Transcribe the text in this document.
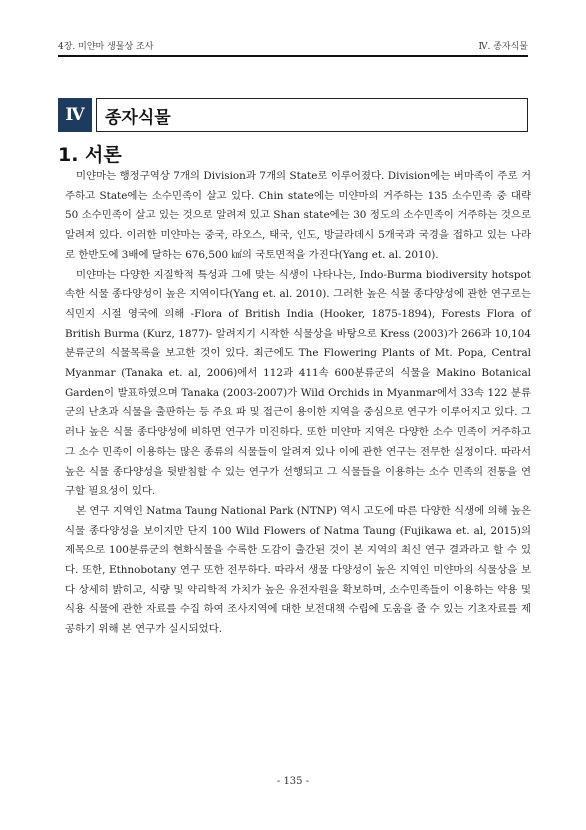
4장. 미얀마 생물상 조사	Ⅳ. 종자식물
Ⅳ	종자식물
1. 서론

미얀마는 행정구역상 7개의 Division과 7개의 State로 이루어졌다. Division에는 버마족이 주로 거주하고 State에는 소수민족이 살고 있다. Chin state에는 미얀마의 거주하는 135 소수민족 중 대략 50 소수민족이 살고 있는 것으로 알려져 있고 Shan state에는 30 정도의 소수민족이 거주하는 것으로 알려져 있다. 이러한 미얀마는 중국, 라오스, 태국, 인도, 방글라데시 5개국과 국경을 접하고 있는 나라로 한반도에 3배에 달하는 676,500 ㎢의 국토면적을 가진다(Yang et. al. 2010).

미얀마는 다양한 지질학적 특성과 그에 맞는 식생이 나타나는, Indo-Burma biodiversity hotspot 속한 식물 종다양성이 높은 지역이다(Yang et. al. 2010). 그러한 높은 식물 종다양성에 관한 연구로는 식민지 시절 영국에 의해 -Flora of British India (Hooker, 1875-1894), Forests Flora of British Burma (Kurz, 1877)- 알려지기 시작한 식물상을 바탕으로 Kress (2003)가 266과 10,104 분류군의 식물목록을 보고한 것이 있다. 최근에도 The Flowering Plants of Mt. Popa, Central Myanmar (Tanaka et. al, 2006)에서 112과 411속 600분류군의 식물을 Makino Botanical Garden이 발표하였으며 Tanaka (2003-2007)가 Wild Orchids in Myanmar에서 33속 122 분류군의 난초과 식물을 출판하는 등 주요 파 및 접근이 용이한 지역을 중심으로 연구가 이루어지고 있다. 그러나 높은 식물 종다양성에 비하면 연구가 미진하다. 또한 미얀마 지역은 다양한 소수 민족이 거주하고 그 소수 민족이 이용하는 많은 종류의 식물들이 알려져 있나 이에 관한 연구는 전무한 실정이다. 따라서 높은 식물 종다양성을 뒷받침할 수 있는 연구가 선행되고 그 식물들을 이용하는 소수 민족의 전통을 연구할 필요성이 있다.

본 연구 지역인 Natma Taung National Park (NTNP) 역시 고도에 따른 다양한 식생에 의해 높은 식물 종다양성을 보이지만 단지 100 Wild Flowers of Natma Taung (Fujikawa et. al, 2015)의 제목으로 100분류군의 현화식물을 수록한 도감이 출간된 것이 본 지역의 최신 연구 결과라고 할 수 있다. 또한, Ethnobotany 연구 또한 전무하다. 따라서 생물 다양성이 높은 지역인 미얀마의 식물상을 보다 상세히 밝히고, 식량 및 약리학적 가치가 높은 유전자원을 확보하며, 소수민족들이 이용하는 약용 및 식용 식물에 관한 자료를 수집 하여 조사지역에 대한 보전대책 수립에 도움을 줄 수 있는 기초자료를 제공하기 위해 본 연구가 실시되었다.

- 135 -
